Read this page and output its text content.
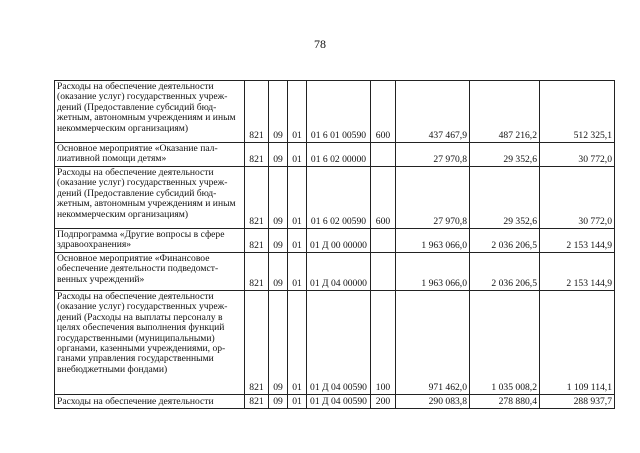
78
Расходы на обеспечение деятельности (оказание услуг) государственных учреж-дений (Предоставление субсидий бюд-жетным, автономным учреждениям и иным некоммерческим организациям)	821	09	01	01 6 01 00590	600	437 467,9	487 216,2	512 325,1
Основное мероприятие «Оказание пал-лиативной помощи детям»	821	09	01	01 6 02 00000		27 970,8	29 352,6	30 772,0
Расходы на обеспечение деятельности (оказание услуг) государственных учреж-дений (Предоставление субсидий бюд-жетным, автономным учреждениям и иным некоммерческим организациям)	821	09	01	01 6 02 00590	600	27 970,8	29 352,6	30 772,0
Подпрограмма «Другие вопросы в сфере здравоохранения»	821	09	01	01 Д 00 00000		1 963 066,0	2 036 206,5	2 153 144,9
Основное мероприятие «Финансовое обеспечение деятельности подведомст-венных учреждений»	821	09	01	01 Д 04 00000		1 963 066,0	2 036 206,5	2 153 144,9
Расходы на обеспечение деятельности (оказание услуг) государственных учреж-дений (Расходы на выплаты персоналу в целях обеспечения выполнения функций государственными (муниципальными) органами, казенными учреждениями, ор-ганами управления государственными внебюджетными фондами)	821	09	01	01 Д 04 00590	100	971 462,0	1 035 008,2	1 109 114,1
Расходы на обеспечение деятельности	821	09	01	01 Д 04 00590	200	290 083,8	278 880,4	288 937,7
